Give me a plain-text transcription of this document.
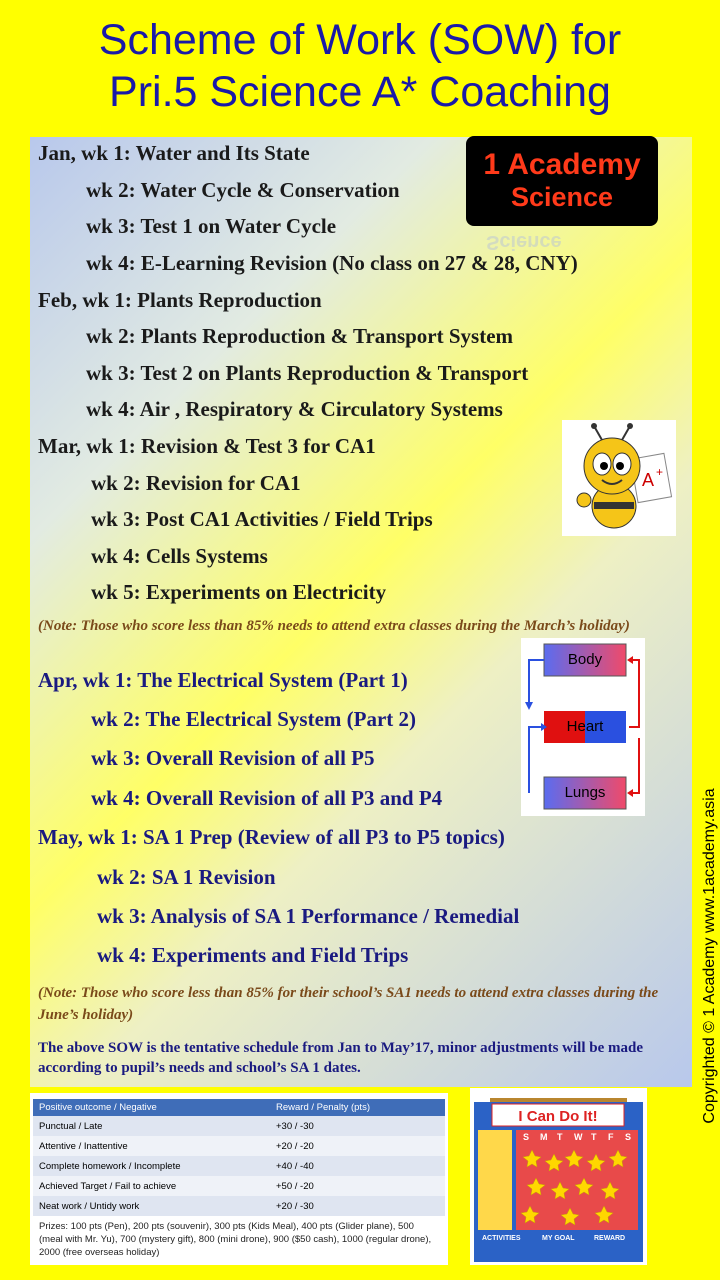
Scheme of Work (SOW) for
Pri.5 Science A* Coaching
1 Academy
Science
Science
Jan, wk 1: Water and Its State
wk 2: Water Cycle & Conservation
wk 3: Test 1 on Water Cycle
wk 4: E-Learning Revision (No class on 27 & 28, CNY)
Feb, wk 1: Plants Reproduction
wk 2: Plants Reproduction & Transport System
wk 3: Test 2 on Plants Reproduction & Transport
wk 4: Air , Respiratory & Circulatory Systems
Mar, wk 1: Revision & Test 3 for CA1
wk 2: Revision for CA1
wk 3: Post CA1 Activities / Field Trips
wk 4: Cells Systems
wk 5: Experiments on Electricity
(Note: Those who score less than 85% needs to attend extra classes during the March’s holiday)
Apr, wk 1: The Electrical System (Part 1)
wk 2: The Electrical System (Part 2)
wk 3: Overall Revision of all P5
wk 4: Overall Revision of all P3 and P4
May, wk 1: SA 1 Prep (Review of all P3 to P5 topics)
wk 2: SA 1 Revision
wk 3: Analysis of SA 1 Performance / Remedial
wk 4: Experiments and Field Trips
(Note: Those who score less than 85% for their school’s SA1 needs to attend extra classes during the June’s holiday)
The above SOW is the tentative schedule from Jan to May’17, minor adjustments will be made according to pupil’s needs and school’s SA 1 dates.
A +
Body
Heart
Lungs	Copyrighted © 1 Academy www.1academy.asia
Positive outcome / Negative	Reward / Penalty (pts)
Punctual / Late	+30 / -30
Attentive / Inattentive	+20 / -20
Complete homework / Incomplete	+40 / -40
Achieved Target / Fail to achieve	+50 / -20
Neat work / Untidy work	+20 / -30
Prizes: 100 pts (Pen), 200 pts (souvenir), 300 pts (Kids Meal), 400 pts (Glider plane), 500 (meal with Mr. Yu), 700 (mystery gift), 800 (mini drone), 900 ($50 cash), 1000 (regular drone), 2000 (free overseas holiday)
I Can Do It!
S M T W T F S
ACTIVITIES	MY GOAL	REWARD
